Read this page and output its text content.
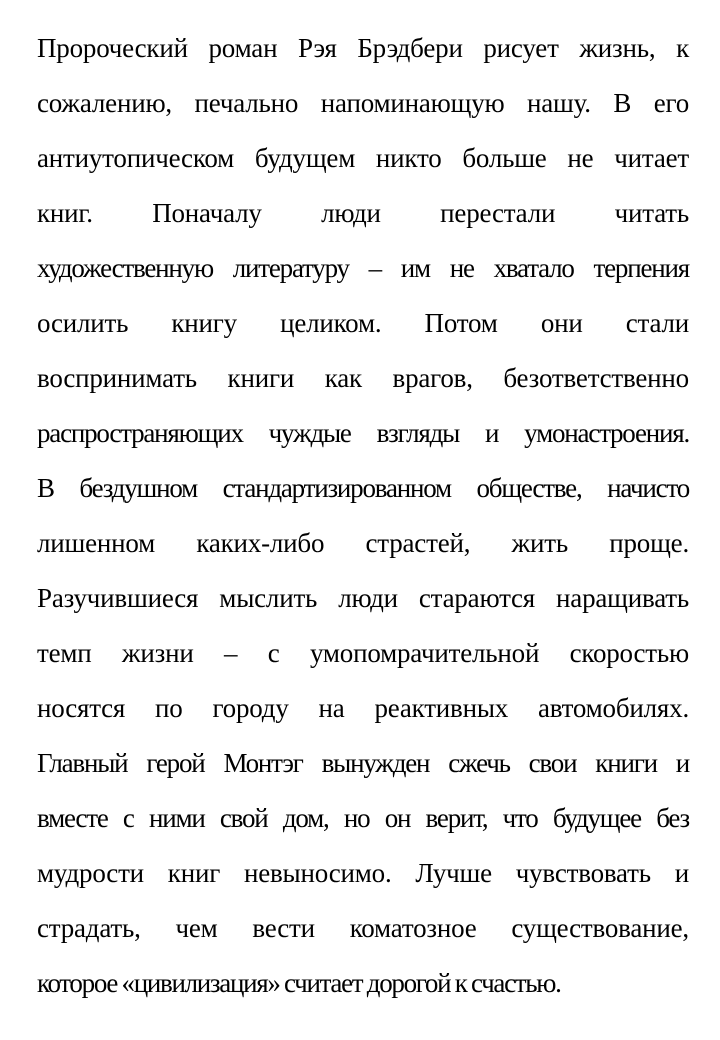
Пророческий роман Рэя Брэдбери рисует жизнь, к
сожалению, печально напоминающую нашу. В его
антиутопическом будущем никто больше не читает
книг. Поначалу люди перестали читать
художественную литературу – им не хватало терпения
осилить книгу целиком. Потом они стали
воспринимать книги как врагов, безответственно
распространяющих чуждые взгляды и умонастроения.
В бездушном стандартизированном обществе, начисто
лишенном каких-либо страстей, жить проще.
Разучившиеся мыслить люди стараются наращивать
темп жизни – с умопомрачительной скоростью
носятся по городу на реактивных автомобилях.
Главный герой Монтэг вынужден сжечь свои книги и
вместе с ними свой дом, но он верит, что будущее без
мудрости книг невыносимо. Лучше чувствовать и
страдать, чем вести коматозное существование,
которое «цивилизация» считает дорогой к счастью.
